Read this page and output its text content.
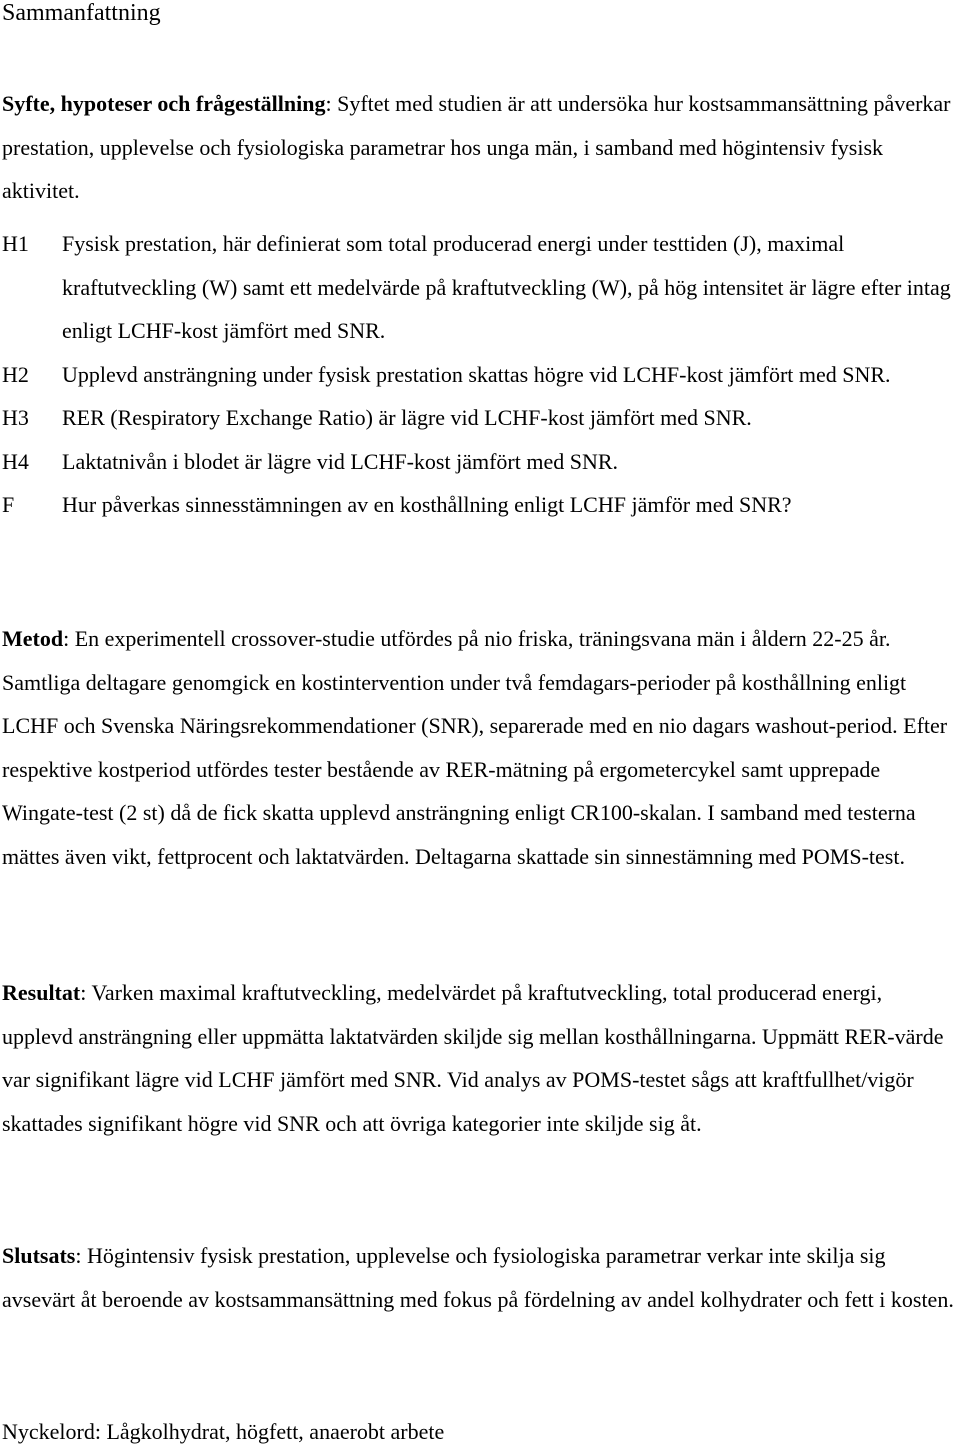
Sammanfattning

Syfte, hypoteser och frågeställning: Syftet med studien är att undersöka hur kostsammansättning påverkar prestation, upplevelse och fysiologiska parametrar hos unga män, i samband med högintensiv fysisk aktivitet.

H1	Fysisk prestation, här definierat som total producerad energi under testtiden (J), maximal kraftutveckling (W) samt ett medelvärde på kraftutveckling (W), på hög intensitet är lägre efter intag enligt LCHF-kost jämfört med SNR.
H2	Upplevd ansträngning under fysisk prestation skattas högre vid LCHF-kost jämfört med SNR.
H3	RER (Respiratory Exchange Ratio) är lägre vid LCHF-kost jämfört med SNR.
H4	Laktatnivån i blodet är lägre vid LCHF-kost jämfört med SNR.
F	Hur påverkas sinnesstämningen av en kosthållning enligt LCHF jämför med SNR?

Metod: En experimentell crossover-studie utfördes på nio friska, träningsvana män i åldern 22-25 år. Samtliga deltagare genomgick en kostintervention under två femdagars-perioder på kosthållning enligt LCHF och Svenska Näringsrekommendationer (SNR), separerade med en nio dagars washout-period. Efter respektive kostperiod utfördes tester bestående av RER-mätning på ergometercykel samt upprepade Wingate-test (2 st) då de fick skatta upplevd ansträngning enligt CR100-skalan. I samband med testerna mättes även vikt, fettprocent och laktatvärden. Deltagarna skattade sin sinnestämning med POMS-test.

Resultat: Varken maximal kraftutveckling, medelvärdet på kraftutveckling, total producerad energi, upplevd ansträngning eller uppmätta laktatvärden skiljde sig mellan kosthållningarna. Uppmätt RER-värde var signifikant lägre vid LCHF jämfört med SNR. Vid analys av POMS-testet sågs att kraftfullhet/vigör skattades signifikant högre vid SNR och att övriga kategorier inte skiljde sig åt.

Slutsats: Högintensiv fysisk prestation, upplevelse och fysiologiska parametrar verkar inte skilja sig avsevärt åt beroende av kostsammansättning med fokus på fördelning av andel kolhydrater och fett i kosten.

Nyckelord: Lågkolhydrat, högfett, anaerobt arbete
